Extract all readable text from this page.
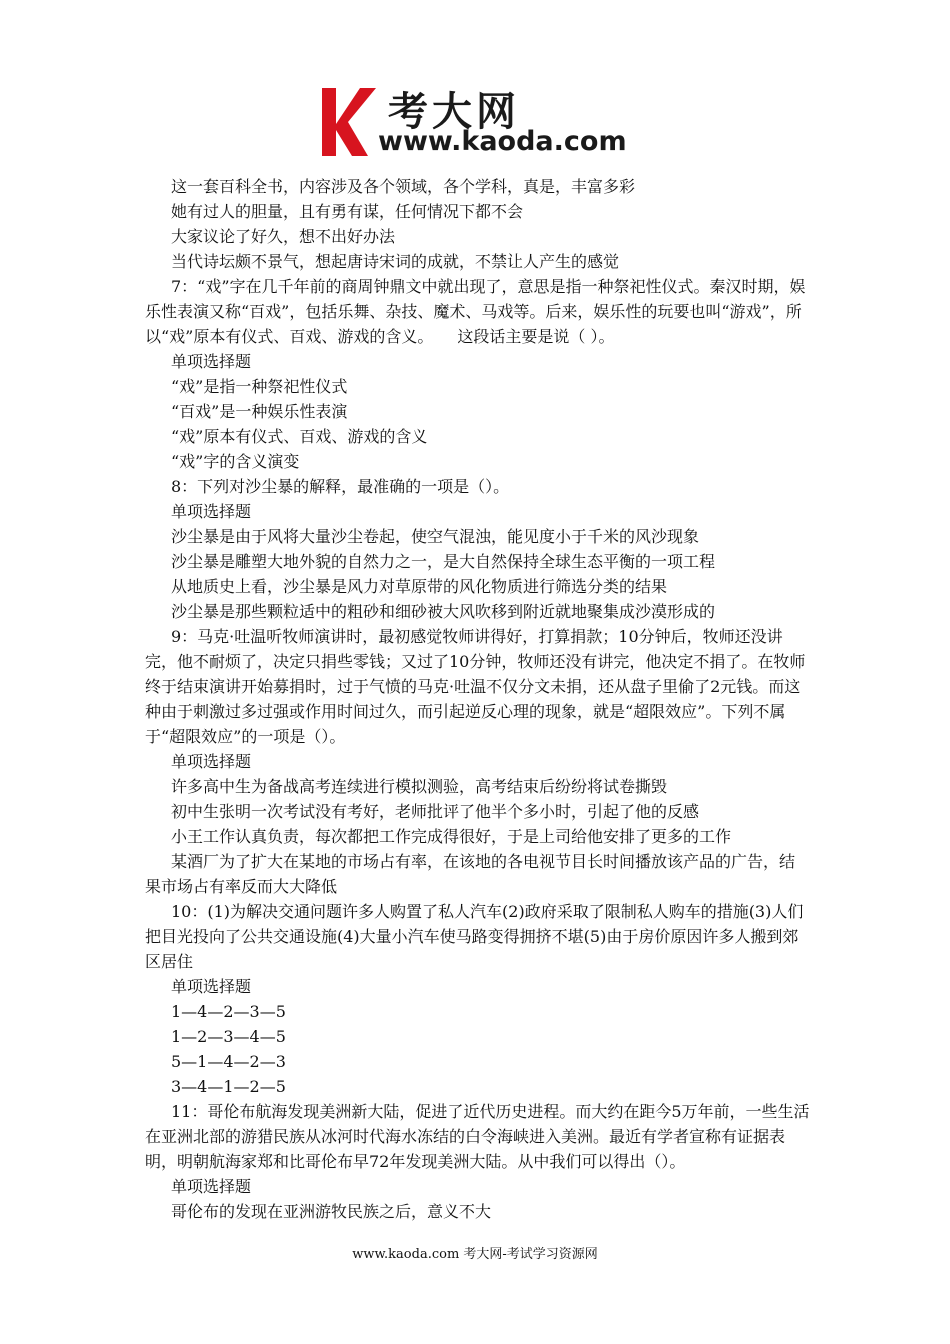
考大网
www.kaoda.com
这一套百科全书，内容涉及各个领域，各个学科，真是，丰富多彩
她有过人的胆量，且有勇有谋，任何情况下都不会
大家议论了好久，想不出好办法
当代诗坛颇不景气，想起唐诗宋词的成就，不禁让人产生的感觉
7：“戏”字在几千年前的商周钟鼎文中就出现了，意思是指一种祭祀性仪式。秦汉时期，娱乐性表演又称“百戏”，包括乐舞、杂技、魔术、马戏等。后来，娱乐性的玩要也叫“游戏”，所以“戏”原本有仪式、百戏、游戏的含义。　　这段话主要是说（ ）。
单项选择题
“戏”是指一种祭祀性仪式
“百戏”是一种娱乐性表演
“戏”原本有仪式、百戏、游戏的含义
“戏”字的含义演变
8：下列对沙尘暴的解释，最准确的一项是（）。
单项选择题
沙尘暴是由于风将大量沙尘卷起，使空气混浊，能见度小于千米的风沙现象
沙尘暴是雕塑大地外貌的自然力之一，是大自然保持全球生态平衡的一项工程
从地质史上看，沙尘暴是风力对草原带的风化物质进行筛选分类的结果
沙尘暴是那些颗粒适中的粗砂和细砂被大风吹移到附近就地聚集成沙漠形成的
9：马克·吐温听牧师演讲时，最初感觉牧师讲得好，打算捐款；10分钟后，牧师还没讲完，他不耐烦了，决定只捐些零钱；又过了10分钟，牧师还没有讲完，他决定不捐了。在牧师终于结束演讲开始募捐时，过于气愤的马克·吐温不仅分文未捐，还从盘子里偷了2元钱。而这种由于刺激过多过强或作用时间过久，而引起逆反心理的现象，就是“超限效应”。下列不属于“超限效应”的一项是（）。
单项选择题
许多高中生为备战高考连续进行模拟测验，高考结束后纷纷将试卷撕毁
初中生张明一次考试没有考好，老师批评了他半个多小时，引起了他的反感
小王工作认真负责，每次都把工作完成得很好，于是上司给他安排了更多的工作
某酒厂为了扩大在某地的市场占有率，在该地的各电视节目长时间播放该产品的广告，结果市场占有率反而大大降低
10：(1)为解决交通问题许多人购置了私人汽车(2)政府采取了限制私人购车的措施(3)人们把目光投向了公共交通设施(4)大量小汽车使马路变得拥挤不堪(5)由于房价原因许多人搬到郊区居住
单项选择题
1—4—2—3—5
1—2—3—4—5
5—1—4—2—3
3—4—1—2—5
11：哥伦布航海发现美洲新大陆，促进了近代历史进程。而大约在距今5万年前，一些生活在亚洲北部的游猎民族从冰河时代海水冻结的白令海峡进入美洲。最近有学者宣称有证据表明，明朝航海家郑和比哥伦布早72年发现美洲大陆。从中我们可以得出（）。
单项选择题
哥伦布的发现在亚洲游牧民族之后，意义不大
www.kaoda.com 考大网-考试学习资源网
